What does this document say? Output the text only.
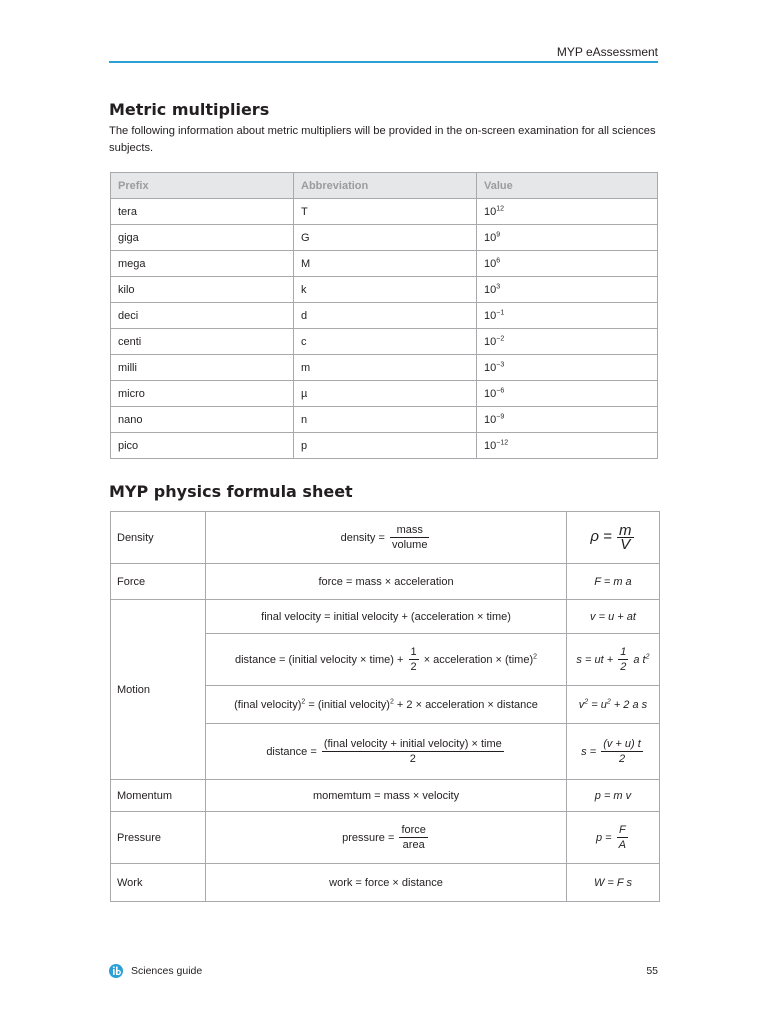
MYP eAssessment
Metric multipliers

The following information about metric multipliers will be provided in the on-screen examination for all sciences subjects.

Prefix	Abbreviation	Value
tera	T	$10^{12}$
giga	G	$10^9$
mega	M	$10^6$
kilo	k	$10^3$
deci	d	$10^{-1}$
centi	c	$10^{-2}$
milli	m	$10^{-3}$
micro	µ	$10^{-6}$
nano	n	$10^{-9}$
pico	p	$10^{-12}$
MYP physics formula sheet
Density	density = $\frac{\text{mass}}{\text{volume}}$	$\rho = \frac{m}{V}$

Force	force = mass × acceleration	F = m a
Motion	final velocity = initial velocity + (acceleration × time)	v = u + at
	distance = (initial velocity × time) + $\frac{1}{2}$ × acceleration × (time)$^2$	s = ut + $\frac{1}{2}$ a $t^2$
	(final velocity)$^2$ = (initial velocity)$^2$ + 2 × acceleration × distance	$v^2 = u^2 + 2$ a s
	distance = $\frac{\text{(final velocity + initial velocity) × time}}{2}$	$s = \frac{(v + u) t}{2}$

Momentum	momemtum = mass × velocity	p = m v
Pressure	pressure = $\frac{\text{force}}{\text{area}}$	$p = \frac{F}{A}$

Work	work = force × distance	W = F s
Sciences guide	55
